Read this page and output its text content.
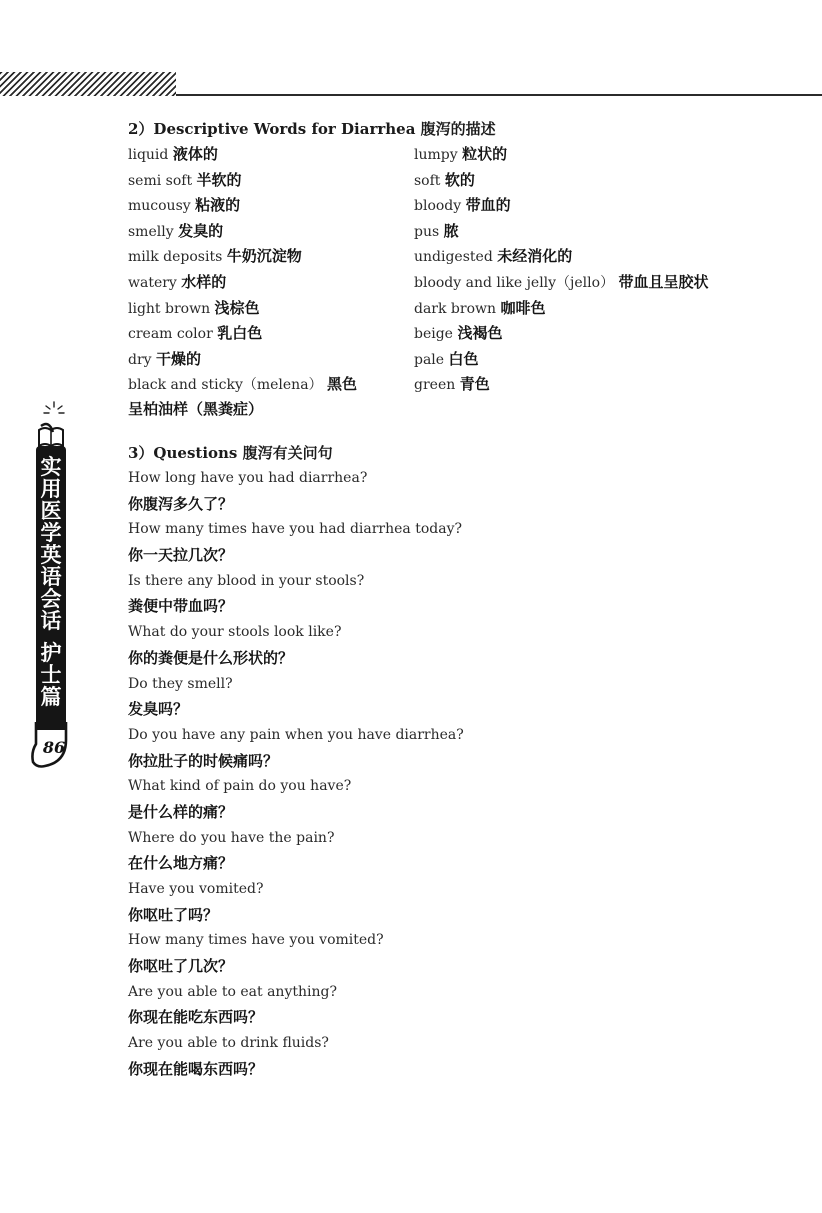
实用医学英语会话
护士篇
86
2）Descriptive Words for Diarrhea 腹泻的描述
liquid 液体的	lumpy 粒状的
semi soft 半软的	soft 软的
mucousy 粘液的	bloody 带血的
smelly 发臭的	pus 脓
milk deposits 牛奶沉淀物	undigested 未经消化的
watery 水样的	bloody and like jelly（jello） 带血且呈胶状
light brown 浅棕色	dark brown 咖啡色
cream color 乳白色	beige 浅褐色
dry 干燥的	pale 白色
black and sticky（melena） 黑色	green 青色
呈柏油样（黑粪症）
3）Questions 腹泻有关问句
How long have you had diarrhea?
你腹泻多久了？
How many times have you had diarrhea today?
你一天拉几次？
Is there any blood in your stools?
粪便中带血吗？
What do your stools look like?
你的粪便是什么形状的？
Do they smell?
发臭吗？
Do you have any pain when you have diarrhea?
你拉肚子的时候痛吗？
What kind of pain do you have?
是什么样的痛？
Where do you have the pain?
在什么地方痛？
Have you vomited?
你呕吐了吗？
How many times have you vomited?
你呕吐了几次？
Are you able to eat anything?
你现在能吃东西吗？
Are you able to drink fluids?
你现在能喝东西吗？
